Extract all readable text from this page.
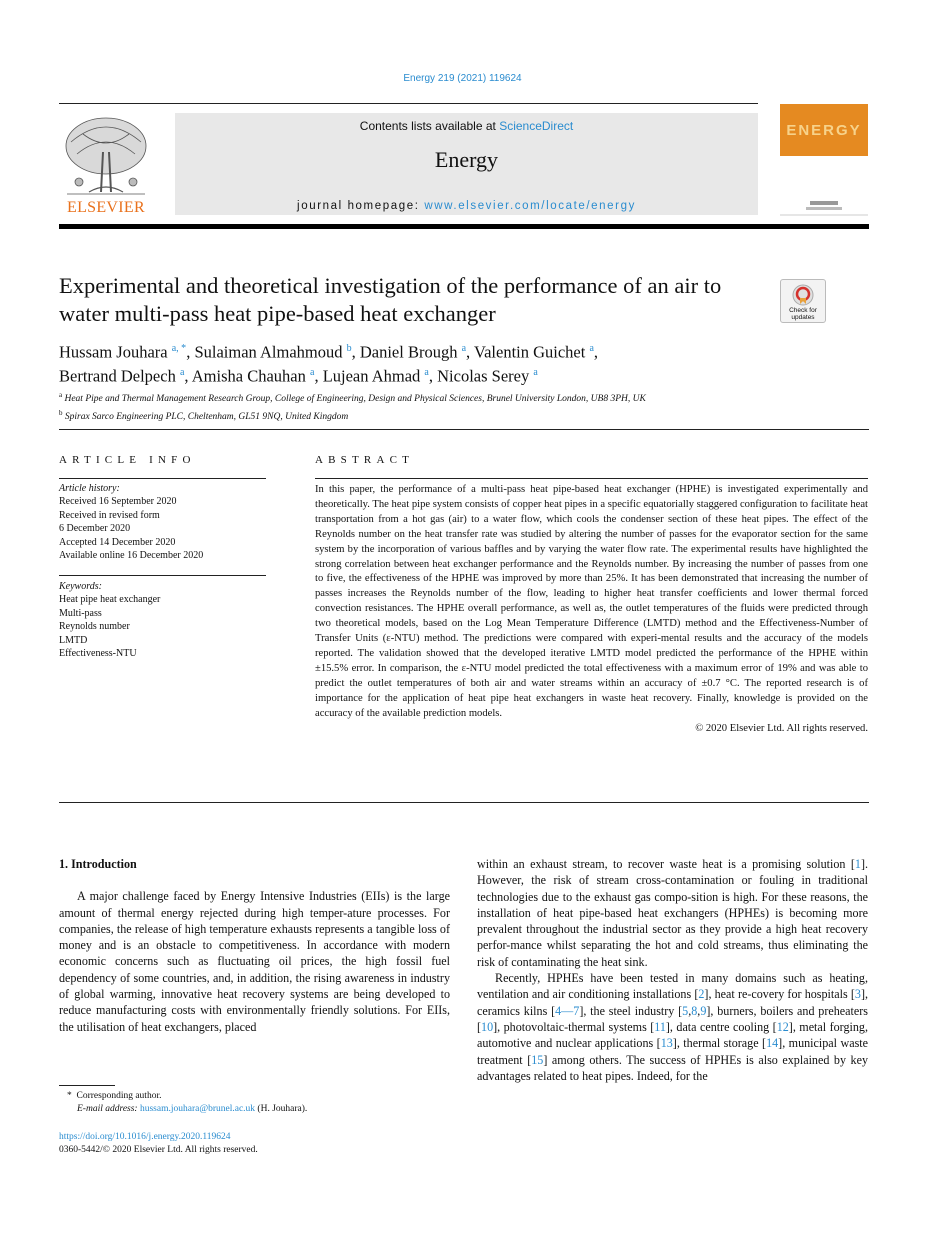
Energy 219 (2021) 119624
ELSEVIER
Contents lists available at ScienceDirect
Energy
journal homepage: www.elsevier.com/locate/energy
ENERGY
Experimental and theoretical investigation of the performance of an air to water multi-pass heat pipe-based heat exchanger	Check for updates
Hussam Jouhara $^{a, *}$, Sulaiman Almahmoud $^b$, Daniel Brough $^a$, Valentin Guichet $^a$,
Bertrand Delpech $^a$, Amisha Chauhan $^a$, Lujean Ahmad $^a$, Nicolas Serey $^a$
$^a$ Heat Pipe and Thermal Management Research Group, College of Engineering, Design and Physical Sciences, Brunel University London, UB8 3PH, UK
$^b$ Spirax Sarco Engineering PLC, Cheltenham, GL51 9NQ, United Kingdom
ARTICLE INFO	ABSTRACT
Article history:
Received 16 September 2020
Received in revised form
6 December 2020
Accepted 14 December 2020
Available online 16 December 2020
Keywords:
Heat pipe heat exchanger
Multi-pass
Reynolds number
LMTD
Effectiveness-NTU
In this paper, the performance of a multi-pass heat pipe-based heat exchanger (HPHE) is investigated experimentally and theoretically. The heat pipe system consists of copper heat pipes in a specific equatorially staggered configuration to facilitate heat transportation from a hot gas (air) to a water flow, which cools the condenser section of these heat pipes. The effect of the Reynolds number on the heat transfer rate was studied by altering the number of passes for the evaporator section for the same system by the incorporation of various baffles and by varying the water flow rate. The experimental results have highlighted the strong correlation between heat exchanger performance and the Reynolds number. By increasing the number of passes from one to five, the effectiveness of the HPHE was improved by more than 25%. It has been demonstrated that increasing the number of passes increases the Reynolds number of the flow, leading to higher heat transfer coefficients and lower thermal forced convection resistances. The HPHE overall performance, as well as, the outlet temperatures of the fluids were predicted through two theoretical models, based on the Log Mean Temperature Difference (LMTD) method and the Effectiveness-Number of Transfer Units (ε-NTU) method. The predictions were compared with experi-mental results and the accuracy of the models reported. The validation showed that the developed iterative LMTD model predicted the performance of the HPHE within ±15.5% error. In comparison, the ε-NTU model predicted the total effectiveness with a maximum error of 19% and was able to predict the outlet temperatures of both air and water streams within an accuracy of ±0.7 °C. The reported research is of importance for the application of heat pipe heat exchangers in waste heat recovery. Finally, knowledge is provided on the accuracy of the available prediction models.
© 2020 Elsevier Ltd. All rights reserved.
1. Introduction

A major challenge faced by Energy Intensive Industries (EIIs) is the large amount of thermal energy rejected during high temper-ature processes. For companies, the release of high temperature exhausts represents a tangible loss of money and is an obstacle to competitiveness. In accordance with modern economic concerns such as fluctuating oil prices, the high fossil fuel dependency of some countries, and, in addition, the rising awareness in industry of global warming, innovative heat recovery systems are being developed to reduce manufacturing costs with environmentally friendly solutions. For EIIs, the utilisation of heat exchangers, placed

within an exhaust stream, to recover waste heat is a promising solution [1]. However, the risk of stream cross-contamination or fouling in traditional technologies due to the exhaust gas compo-sition is high. For these reasons, the installation of heat pipe-based heat exchangers (HPHEs) is becoming more prevalent throughout the industrial sector as they provide a high heat recovery perfor-mance whilst separating the hot and cold streams, thus eliminating the risk of contaminating the heat sink.

Recently, HPHEs have been tested in many domains such as heating, ventilation and air conditioning installations [2], heat re-covery for hospitals [3], ceramics kilns [4—7], the steel industry [5,8,9], burners, boilers and preheaters [10], photovoltaic-thermal systems [11], data centre cooling [12], metal forging, automotive and nuclear applications [13], thermal storage [14], municipal waste treatment [15] among others. The success of HPHEs is also explained by key advantages related to heat pipes. Indeed, for the

* Corresponding author.
E-mail address: hussam.jouhara@brunel.ac.uk (H. Jouhara).
https://doi.org/10.1016/j.energy.2020.119624
0360-5442/© 2020 Elsevier Ltd. All rights reserved.
